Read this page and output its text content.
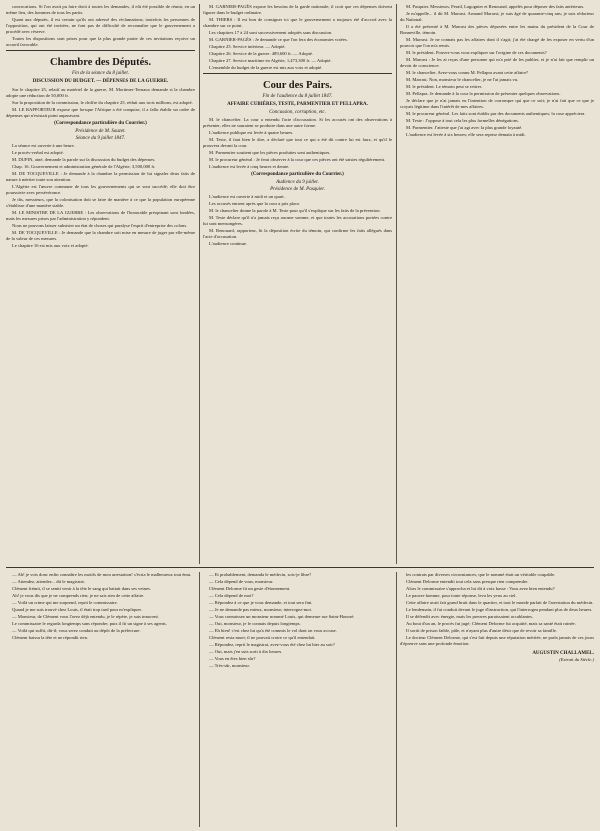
convocations. Si l'on avait pu faire droit à toutes les demandes, il eût été possible de réunir, en un même lieu, des hommes de tous les partis.

Quant aux députés, il est certain qu'ils ont adressé des réclamations; toutefois les personnes de l'opposition, qui ont été invitées, ne font pas de difficulté de reconnaître que le gouvernement a procédé avec réserve.

Toutes les dispositions sont prises pour que la plus grande partie de ces invitations reçoive un accueil favorable.

Chambre des Députés.
Fin de la séance du 8 juillet.
DISCUSSION DU BUDGET. — DÉPENSES DE LA GUERRE.

Sur le chapitre 25, relatif au matériel de la guerre, M. Mortimer-Ternaux demande si la chambre adopte une réduction de 50,000 fr.

Sur la proposition de la commission, le chiffre du chapitre 25, réduit aux trois millions, est adopté.

M. LE RAPPORTEUR expose que lorsque l'Afrique a été conquise, il a fallu établir un ordre de dépenses qui n'existait point auparavant.

(Correspondance particulière du Courrier.)
Présidence de M. Sauzet.
Séance du 9 juillet 1847.

La séance est ouverte à une heure.

Le procès-verbal est adopté.

M. DUPIN, ainé, demande la parole sur la discussion du budget des dépenses.

Chap. 16. Gouvernement et administration générale de l'Algérie, 3,500,000 fr.

M. DE TOCQUEVILLE : Je demande à la chambre la permission de lui signaler deux faits de nature à mériter toute son attention.

L'Algérie est l'œuvre commune de tous les gouvernements qui se sont succédé; elle doit être poursuivie avec persévérance.

Je dis, messieurs, que la colonisation doit se faire de manière à ce que la population européenne s'établisse d'une manière stable.

M. LE MINISTRE DE LA GUERRE : Les observations de l'honorable préopinant sont fondées, mais les mesures prises par l'administration y répondent.

Nous ne pouvons laisser subsister un état de choses qui paralyse l'esprit d'entreprise des colons.

M. DE TOCQUEVILLE : Je demande que la chambre soit mise en mesure de juger par elle-même de la valeur de ces mesures.

Le chapitre 16 est mis aux voix et adopté.

M. GARNIER-PAGÈS expose les besoins de la garde nationale; il croit que ces dépenses doivent figurer dans le budget ordinaire.

M. THIERS : Il est bon de consigner ici que le gouvernement a toujours été d'accord avec la chambre sur ce point.

Les chapitres 17 à 24 sont successivement adoptés sans discussion.

M. GARNIER-PAGÈS : Je demande ce que l'on fera des économies votées.

Chapitre 25. Service intérieur. — Adopté.

Chapitre 26. Service de la guerre. 489,600 fr. — Adopté.

Chapitre 27. Service maritime en Algérie, 1,473,300 fr. — Adopté.

L'ensemble du budget de la guerre est mis aux voix et adopté.

Cour des Pairs.
Fin de l'audience du 8 juillet 1847.
AFFAIRE CUBIÈRES, TESTE, PARMENTIER ET PELLAPRA.
Concussion, corruption, etc.

M. le chancelier. La cour a entendu l'acte d'accusation. Si les accusés ont des observations à présenter, elles ne sauraient se produire dans une autre forme.

L'audience publique est levée à quatre heures.

M. Teste, il faut bien le dire, a déclaré que tout ce qui a été dit contre lui est faux, et qu'il le prouvera devant la cour.

M. Parmentier soutient que les pièces produites sont authentiques.

M. le procureur général : Je ferai observer à la cour que ces pièces ont été saisies régulièrement.

L'audience est levée à cinq heures et demie.

(Correspondance particulière du Courrier.)
Audience du 9 juillet.
Présidence de M. Pasquier.

L'audience est ouverte à midi et un quart.

Les accusés entrent après que la cour a pris place.

M. le chancelier donne la parole à M. Teste pour qu'il s'explique sur les faits de la prévention.

M. Teste déclare qu'il n'a jamais reçu aucune somme, et que toutes les accusations portées contre lui sont mensongères.

M. Renouard, rapporteur, lit la déposition écrite du témoin, qui confirme les faits allégués dans l'acte d'accusation.

L'audience continue.

M. Pasquier. Messieurs, Perail, Lagognier et Renouard, appelés pour déposer des faits antérieurs.

Je m'appelle... il dit M. Marrast. Armand Marrast; je suis âgé de quarante-cinq ans; je suis rédacteur du National.

Il a été présenté à M. Marrast des pièces déposées entre les mains du président de la Cour de Bonneville, témoin.

M. Marrast. Je ne connais pas les affaires dont il s'agit; j'ai été chargé de les exposer en vertu d'un pouvoir que l'on m'a remis.

M. le président. Pouvez-vous vous expliquer sur l'origine de ces documents?

M. Marrast : Je les ai reçus d'une personne qui m'a prié de les publier, et je n'ai fait que remplir un devoir de conscience.

M. le chancelier. Avez-vous connu M. Pellapra avant cette affaire?

M. Marrast. Non, monsieur le chancelier, je ne l'ai jamais vu.

M. le président. Le témoin peut se retirer.

M. Pellapra. Je demande à la cour la permission de présenter quelques observations.

Je déclare que je n'ai jamais eu l'intention de corrompre qui que ce soit; je n'ai fait que ce que je croyais légitime dans l'intérêt de mes affaires.

M. le procureur général. Les faits sont établis par des documents authentiques; la cour appréciera.

M. Teste : J'oppose à tout cela les plus formelles dénégations.

M. Parmentier. J'atteste que j'ai agi avec la plus grande loyauté.

L'audience est levée à six heures; elle sera reprise demain à midi.

— Ah! je vois donc enfin connaître les motifs de mon arrestation! s'écria le malheureux tout ému.

— Attendez, attendez... dit le magistrat.

Clément frémit, il se sentit venir à la tête le sang qui battait dans ses veines.

Ah! je vous dis que je ne comprends rien; je ne sais rien de cette affaire.

— Voilà un crime qui me surprend, reprit le commissaire.

Quand je me suis trouvé chez Louis, il était trop tard pour m'expliquer.

— Monsieur, de Clément vous l'avez déjà entendu, je le répète, je suis innocent.

Le commissaire le regarda longtemps sans répondre, puis il fit un signe à ses agents.

— Voilà qui suffit, dit-il; vous serez conduit au dépôt de la préfecture.

Clément baissa la tête et ne répondit rien.

— Et probablement, demanda le médecin, sois-je libre?

— Cela dépend de vous, monsieur.

Clément Delorme fit un geste d'étonnement.

— Cela dépend de moi?

— Répondez à ce que je vous demande, et tout sera fini.

— Je ne demande pas mieux, monsieur; interrogez-moi.

— Vous connaissez un monsieur nommé Louis, qui demeure rue Saint-Honoré.

— Oui, monsieur, je le connais depuis longtemps.

— Eh bien! c'est chez lui qu'a été commis le vol dont on vous accuse.

Clément resta muet; il ne pouvait croire ce qu'il entendait.

— Répondez, reprit le magistrat, avez-vous été chez lui hier au soir?

— Oui, mais j'en suis sorti à dix heures.

— Vous en êtes bien sûr?

— Très-sûr, monsieur.

les contrats par diverses circonstances; que le nommé était un véritable coupable.

Clément Delorme entendit tout cela sans presque rien comprendre.

Alors le commissaire s'approcha et lui dit à voix basse : Vous avez bien entendu?

Le pauvre homme, pour toute réponse, leva les yeux au ciel.

Cette affaire avait fait grand bruit dans le quartier, et tout le monde parlait de l'arrestation du médecin.

Le lendemain, il fut conduit devant le juge d'instruction, qui l'interrogea pendant plus de deux heures.

Il se défendit avec énergie, mais les preuves paraissaient accablantes.

Au bout d'un an, le procès fut jugé; Clément Delorme fut acquitté, mais sa santé était ruinée.

Il sortit de prison faible, pâle, et n'ayant plus d'autre désir que de revoir sa famille.

Le docteur Clément Delorme, qui s'est fait depuis une réputation méritée, ne parla jamais de ces jours d'épreuve sans une profonde émotion.

AUGUSTIN CHALLAMEL.
(Extrait du Siècle.)
